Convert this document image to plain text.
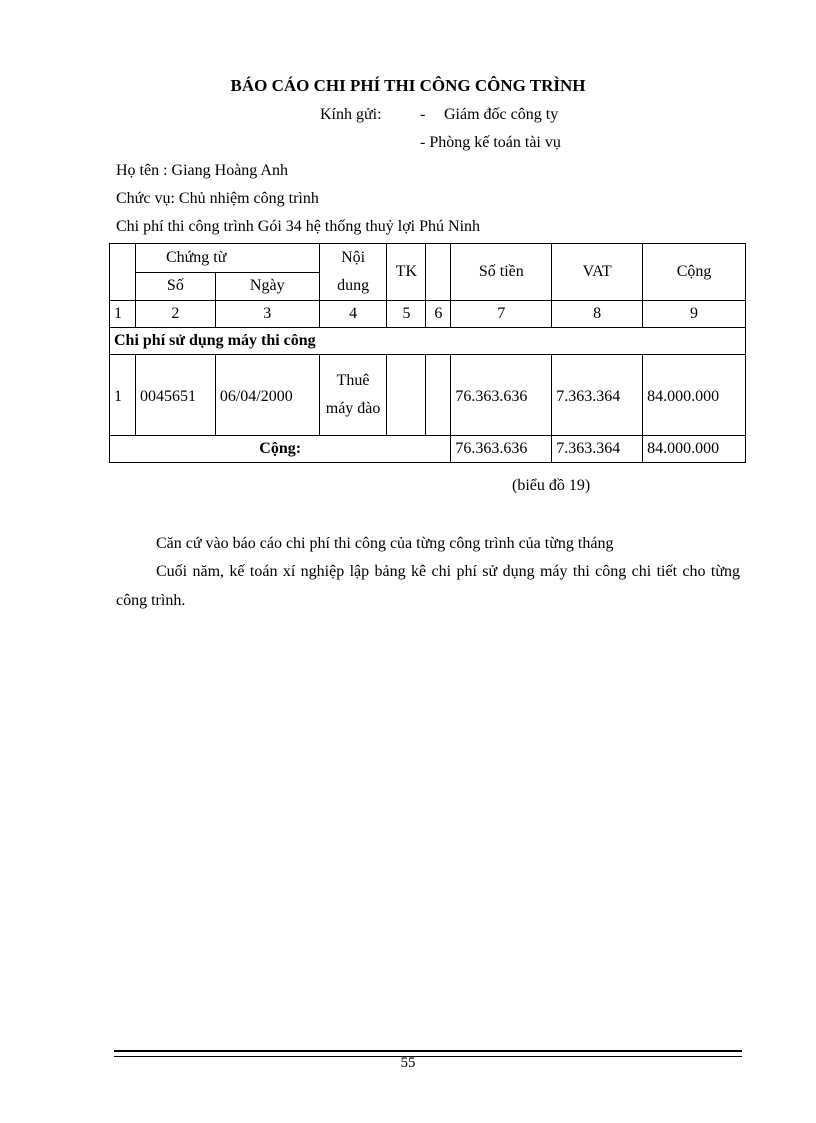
BÁO CÁO CHI PHÍ THI CÔNG CÔNG TRÌNH
Kính gửi: - Giám đốc công ty
- Phòng kế toán tài vụ
Họ tên : Giang Hoàng Anh
Chức vụ: Chủ nhiệm công trình
Chi phí thi công trình Gói 34 hệ thống thuỷ lợi Phú Ninh
	Chứng từ		Nội dung	TK		Số tiền	VAT	Cộng
	Số	Ngày						
1	2	3	4	5	6	7	8	9
Chi phí sử dụng máy thi công								
1	0045651	06/04/2000	Thuê máy đào			76.363.636	7.363.364	84.000.000
Cộng:						76.363.636	7.363.364	84.000.000
(biểu đồ 19)
Căn cứ vào báo cáo chi phí thi công của từng công trình của từng tháng
Cuối năm, kế toán xí nghiệp lập bảng kê chi phí sử dụng máy thi công chi tiết cho từng công trình.
55
